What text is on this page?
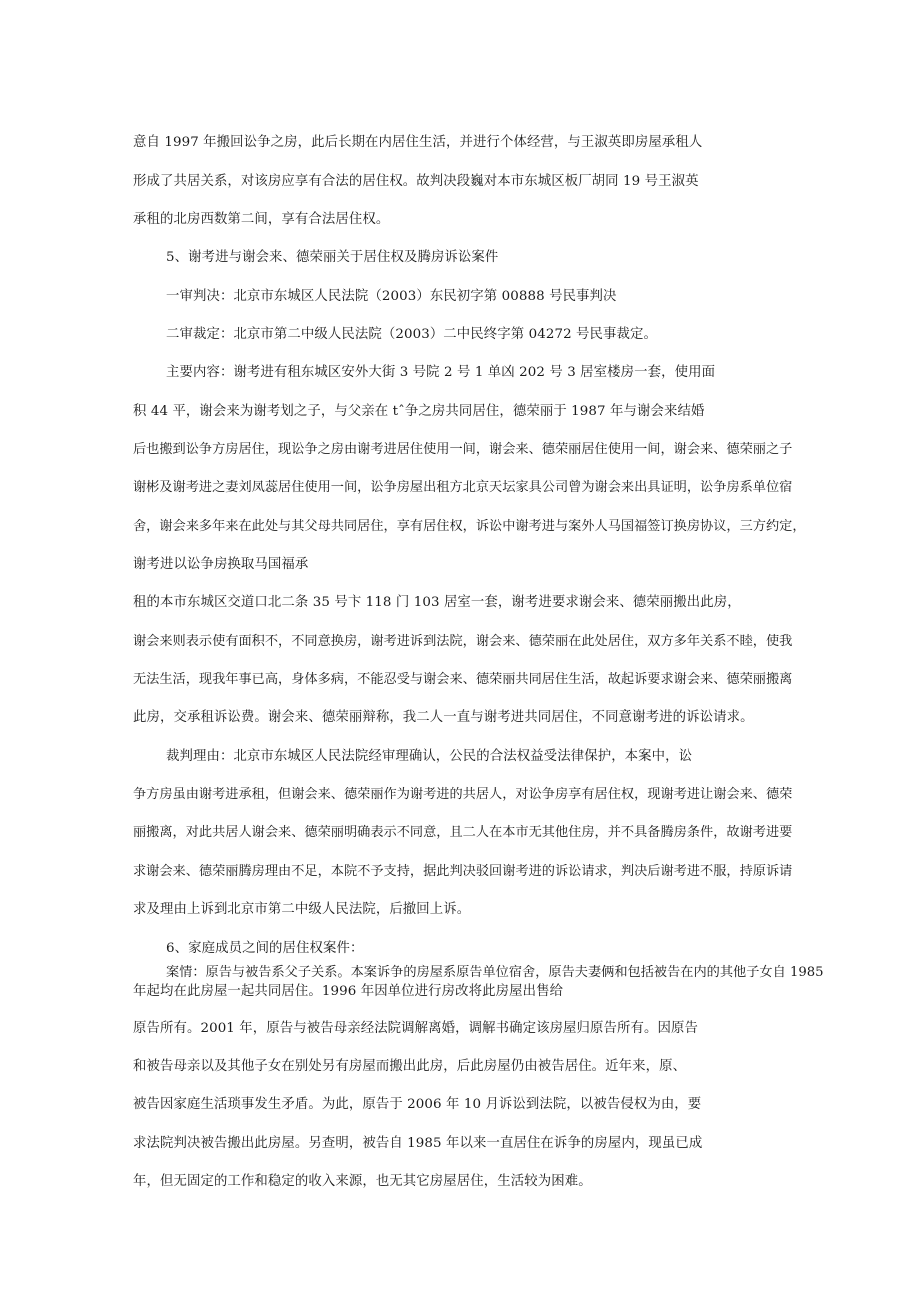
意自 1997 年搬回讼争之房，此后长期在内居住生活，并进行个体经营，与王淑英即房屋承租人
形成了共居关系，对该房应享有合法的居住权。故判决段巍对本市东城区板厂胡同 19 号王淑英
承租的北房西数第二间，享有合法居住权。
5、谢考进与谢会来、德荣丽关于居住权及腾房诉讼案件
一审判决：北京市东城区人民法院（2003）东民初字第 00888 号民事判决
二审裁定：北京市第二中级人民法院（2003）二中民终字第 04272 号民事裁定。
主要内容：谢考进有租东城区安外大街 3 号院 2 号 1 单凶 202 号 3 居室楼房一套，使用面
积 44 平，谢会来为谢考划之子，与父亲在 tˆ争之房共同居住，德荣丽于 1987 年与谢会来结婚
后也搬到讼争方房居住，现讼争之房由谢考进居住使用一间，谢会来、德荣丽居住使用一间，谢会来、德荣丽之子
谢彬及谢考进之妻刘凤蕊居住使用一间，讼争房屋出租方北京天坛家具公司曾为谢会来出具证明，讼争房系单位宿
舍，谢会来多年来在此处与其父母共同居住，享有居住权，诉讼中谢考进与案外人马国福签订换房协议，三方约定，
谢考进以讼争房换取马国福承
租的本市东城区交道口北二条 35 号卞 118 门 103 居室一套，谢考进要求谢会来、德荣丽搬出此房，
谢会来则表示使有面积不，不同意换房，谢考进诉到法院，谢会来、德荣丽在此处居住，双方多年关系不睦，使我
无法生活，现我年事已高，身体多病，不能忍受与谢会来、德荣丽共同居住生活，故起诉要求谢会来、德荣丽搬离
此房，交承租诉讼费。谢会来、德荣丽辩称，我二人一直与谢考进共同居住，不同意谢考进的诉讼请求。
裁判理由：北京市东城区人民法院经审理确认，公民的合法权益受法律保护，本案中，讼
争方房虽由谢考进承租，但谢会来、德荣丽作为谢考进的共居人，对讼争房享有居住权，现谢考进让谢会来、德荣
丽搬离，对此共居人谢会来、德荣丽明确表示不同意，且二人在本市无其他住房，并不具备腾房条件，故谢考进要
求谢会来、德荣丽腾房理由不足，本院不予支持，据此判决驳回谢考进的诉讼请求，判决后谢考进不服，持原诉请
求及理由上诉到北京市第二中级人民法院，后撤回上诉。
6、家庭成员之间的居住权案件：
案情：原告与被告系父子关系。本案诉争的房屋系原告单位宿舍，原告夫妻俩和包括被告在内的其他子女自 1985
年起均在此房屋一起共同居住。1996 年因单位进行房改将此房屋出售给
原告所有。2001 年，原告与被告母亲经法院调解离婚，调解书确定该房屋归原告所有。因原告
和被告母亲以及其他子女在别处另有房屋而搬出此房，后此房屋仍由被告居住。近年来，原、
被告因家庭生活琐事发生矛盾。为此，原告于 2006 年 10 月诉讼到法院，以被告侵权为由，要
求法院判决被告搬出此房屋。另查明，被告自 1985 年以来一直居住在诉争的房屋内，现虽已成
年，但无固定的工作和稳定的收入来源，也无其它房屋居住，生活较为困难。
